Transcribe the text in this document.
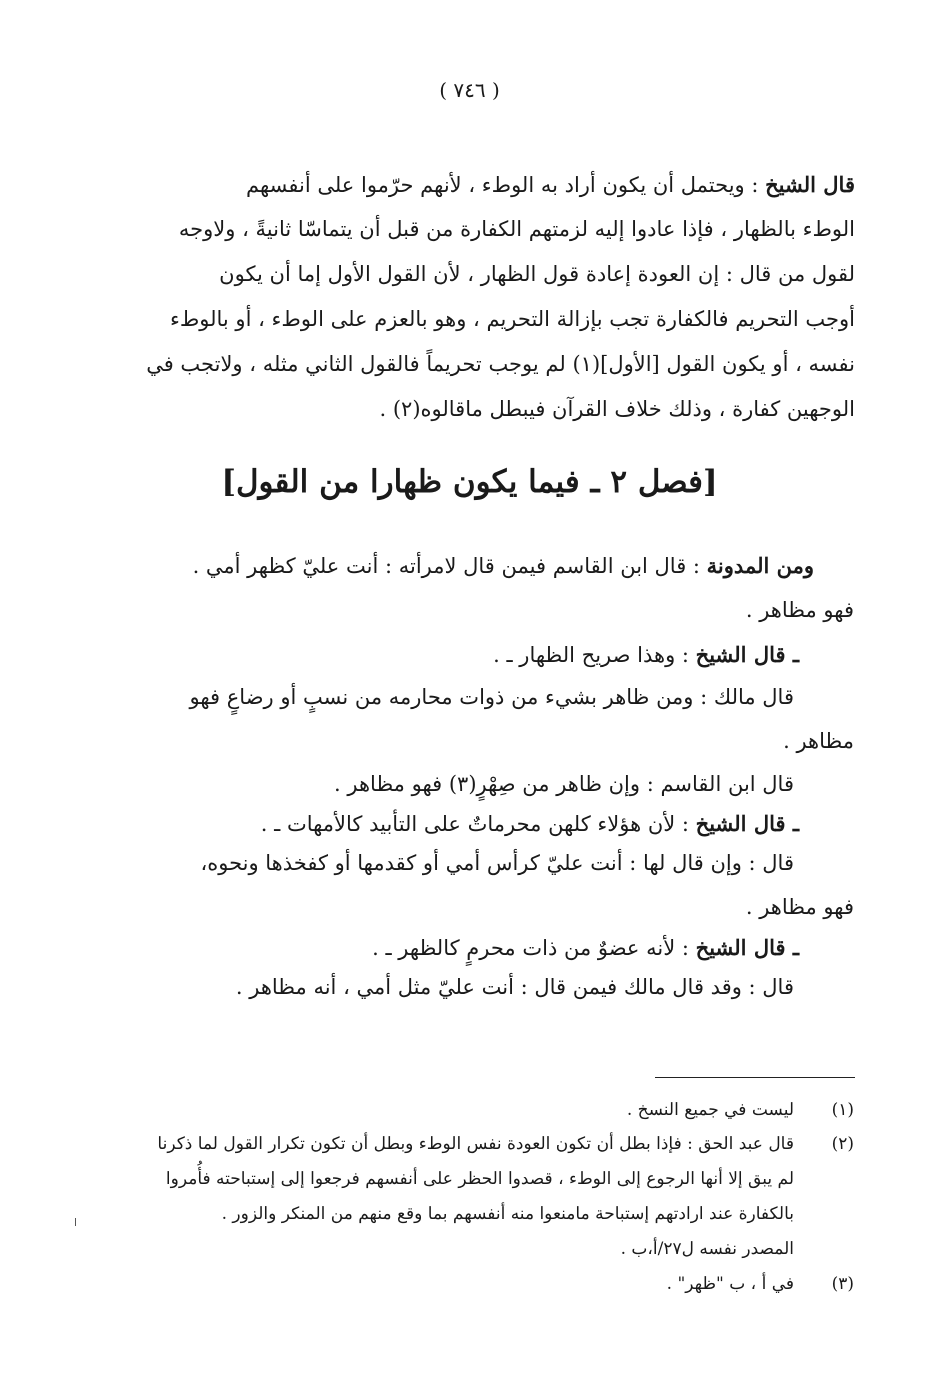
( ٧٤٦ )
قال الشيخ : ويحتمل أن يكون أراد به الوطء ، لأنهم حرّموا على أنفسهم
الوطء بالظهار ، فإذا عادوا إليه لزمتهم الكفارة من قبل أن يتماسّا ثانيةً ، ولاوجه
لقول من قال : إن العودة إعادة قول الظهار ، لأن القول الأول إما أن يكون
أوجب التحريم فالكفارة تجب بإزالة التحريم ، وهو بالعزم على الوطء ، أو بالوطء
نفسه ، أو يكون القول [الأول](١) لم يوجب تحريماً فالقول الثاني مثله ، ولاتجب في
الوجهين كفارة ، وذلك خلاف القرآن فيبطل ماقالوه(٢) .
[فصل ٢ ـ فيما يكون ظهارا من القول]
ومن المدونة : قال ابن القاسم فيمن قال لامرأته : أنت عليّ كظهر أمي .
فهو مظاهر .
ـ قال الشيخ : وهذا صريح الظهار ـ .
قال مالك : ومن ظاهر بشيء من ذوات محارمه من نسبٍ أو رضاعٍ فهو
مظاهر .
قال ابن القاسم : وإن ظاهر من صِهْرٍ(٣) فهو مظاهر .
ـ قال الشيخ : لأن هؤلاء كلهن محرماتٌ على التأبيد كالأمهات ـ .
قال : وإن قال لها : أنت عليّ كرأس أمي أو كقدمها أو كفخذها ونحوه،
فهو مظاهر .
ـ قال الشيخ : لأنه عضوٌ من ذات محرمٍ كالظهر ـ .
قال : وقد قال مالك فيمن قال : أنت عليّ مثل أمي ، أنه مظاهر .
(١)
ليست في جميع النسخ .
(٢)
قال عبد الحق : فإذا بطل أن تكون العودة نفس الوطء وبطل أن تكون تكرار القول لما ذكرنا
لم يبق إلا أنها الرجوع إلى الوطء ، قصدوا الحظر على أنفسهم فرجعوا إلى إستباحته فأُمروا
بالكفارة عند ارادتهم إستباحة مامنعوا منه أنفسهم بما وقع منهم من المنكر والزور .
المصدر نفسه ل٢٧/أ،ب .
(٣)
في أ ، ب "ظهر" .
